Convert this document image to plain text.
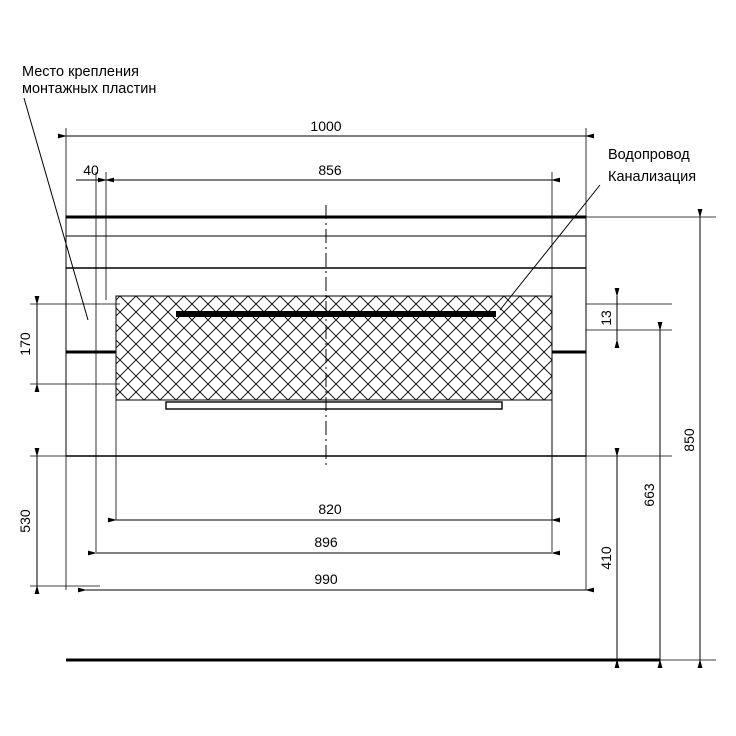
1000
856
40
170
530
13
850
663
410
820
896
990
Место крепления
монтажных пластин
Водопровод
Канализация
